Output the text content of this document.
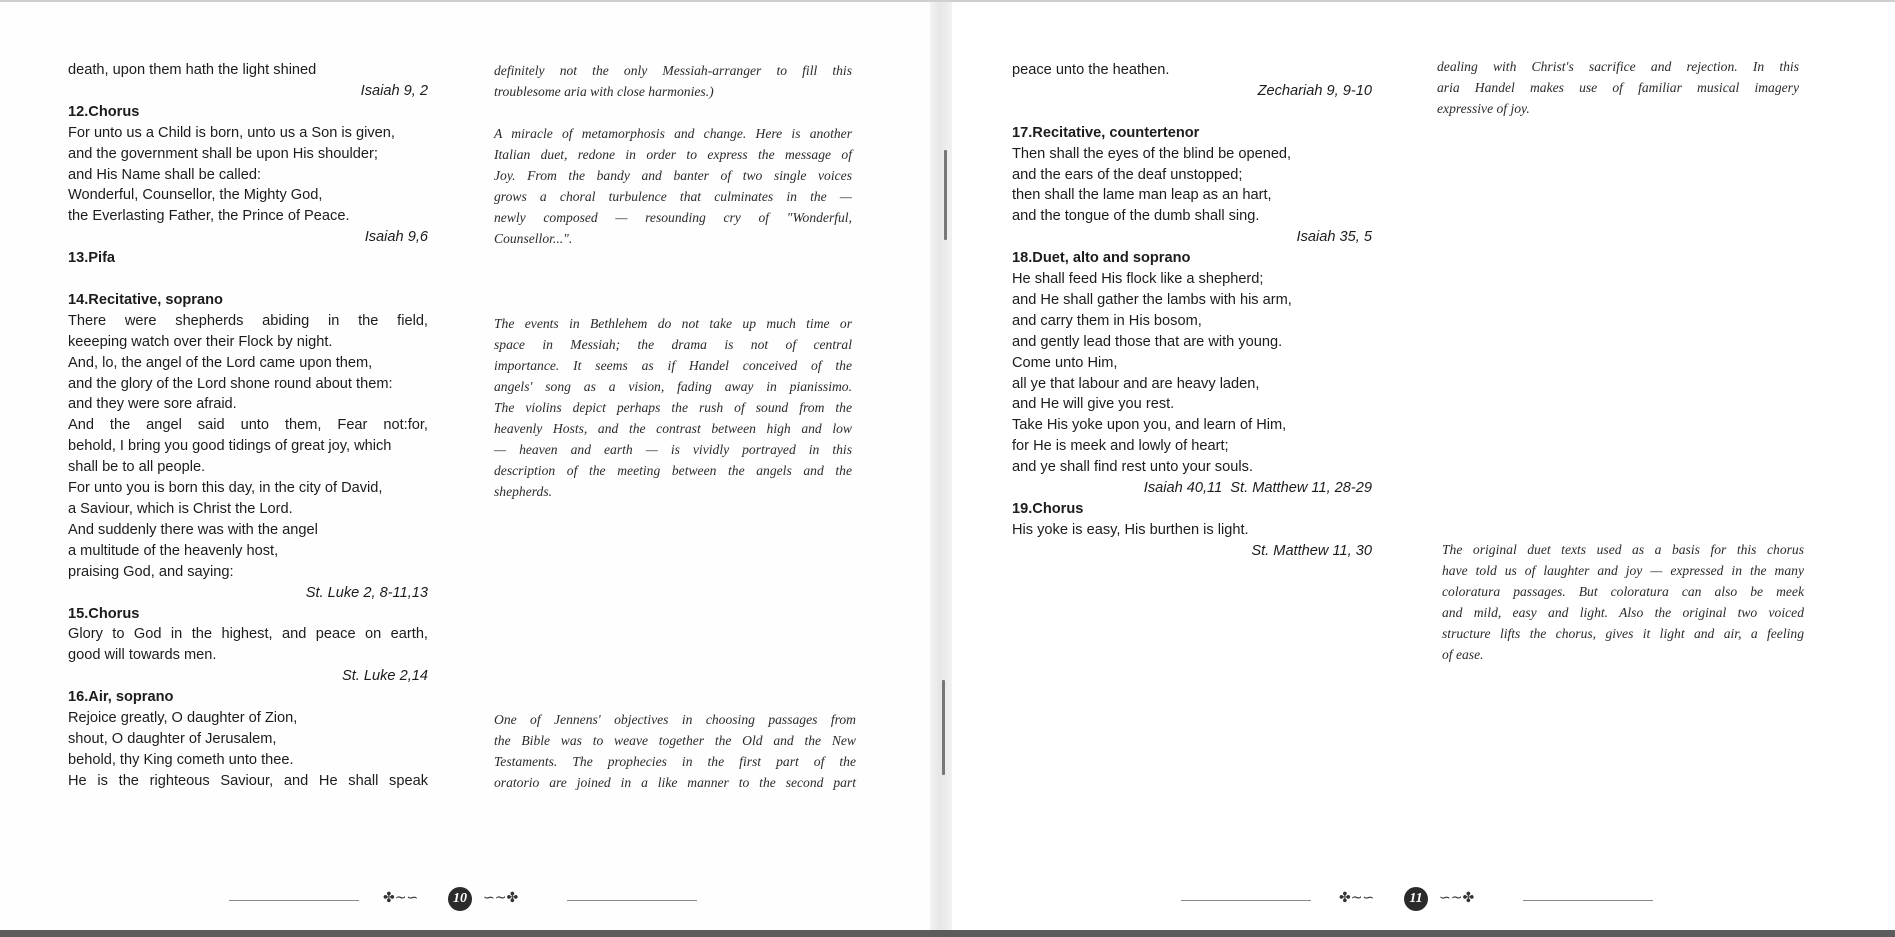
death, upon them hath the light shined
Isaiah 9, 2
12.Chorus
For unto us a Child is born, unto us a Son is given,
and the government shall be upon His shoulder;
and His Name shall be called:
Wonderful, Counsellor, the Mighty God,
the Everlasting Father, the Prince of Peace.
Isaiah 9,6
13.Pifa
14.Recitative, soprano
There were shepherds abiding in the field,
keeeping watch over their Flock by night.
And, lo, the angel of the Lord came upon them,
and the glory of the Lord shone round about them:
and they were sore afraid.
And the angel said unto them, Fear not:for,
behold, I bring you good tidings of great joy, which
shall be to all people.
For unto you is born this day, in the city of David,
a Saviour, which is Christ the Lord.
And suddenly there was with the angel
a multitude of the heavenly host,
praising God, and saying:
St. Luke 2, 8-11,13
15.Chorus
Glory to God in the highest, and peace on earth,
good will towards men.
St. Luke 2,14
16.Air, soprano
Rejoice greatly, O daughter of Zion,
shout, O daughter of Jerusalem,
behold, thy King cometh unto thee.
He is the righteous Saviour, and He shall speak
definitely not the only Messiah-arranger to fill this
troublesome aria with close harmonies.)
A miracle of metamorphosis and change. Here is another
Italian duet, redone in order to express the message of
Joy. From the bandy and banter of two single voices
grows a choral turbulence that culminates in the —
newly composed — resounding cry of "Wonderful,
Counsellor...".
The events in Bethlehem do not take up much time or
space in Messiah; the drama is not of central
importance. It seems as if Handel conceived of the
angels' song as a vision, fading away in pianissimo.
The violins depict perhaps the rush of sound from the
heavenly Hosts, and the contrast between high and low
— heaven and earth — is vividly portrayed in this
description of the meeting between the angels and the
shepherds.
One of Jennens' objectives in choosing passages from
the Bible was to weave together the Old and the New
Testaments. The prophecies in the first part of the
oratorio are joined in a like manner to the second part
✤~∽	10	∽~✤
peace unto the heathen.
Zechariah 9, 9-10
17.Recitative, countertenor
Then shall the eyes of the blind be opened,
and the ears of the deaf unstopped;
then shall the lame man leap as an hart,
and the tongue of the dumb shall sing.
Isaiah 35, 5
18.Duet, alto and soprano
He shall feed His flock like a shepherd;
and He shall gather the lambs with his arm,
and carry them in His bosom,
and gently lead those that are with young.
Come unto Him,
all ye that labour and are heavy laden,
and He will give you rest.
Take His yoke upon you, and learn of Him,
for He is meek and lowly of heart;
and ye shall find rest unto your souls.
Isaiah 40,11  St. Matthew 11, 28-29
19.Chorus
His yoke is easy, His burthen is light.
St. Matthew 11, 30
dealing with Christ's sacrifice and rejection. In this
aria Handel makes use of familiar musical imagery
expressive of joy.
The original duet texts used as a basis for this chorus
have told us of laughter and joy — expressed in the many
coloratura passages. But coloratura can also be meek
and mild, easy and light. Also the original two voiced
structure lifts the chorus, gives it light and air, a feeling
of ease.
✤~∽	11	∽~✤
